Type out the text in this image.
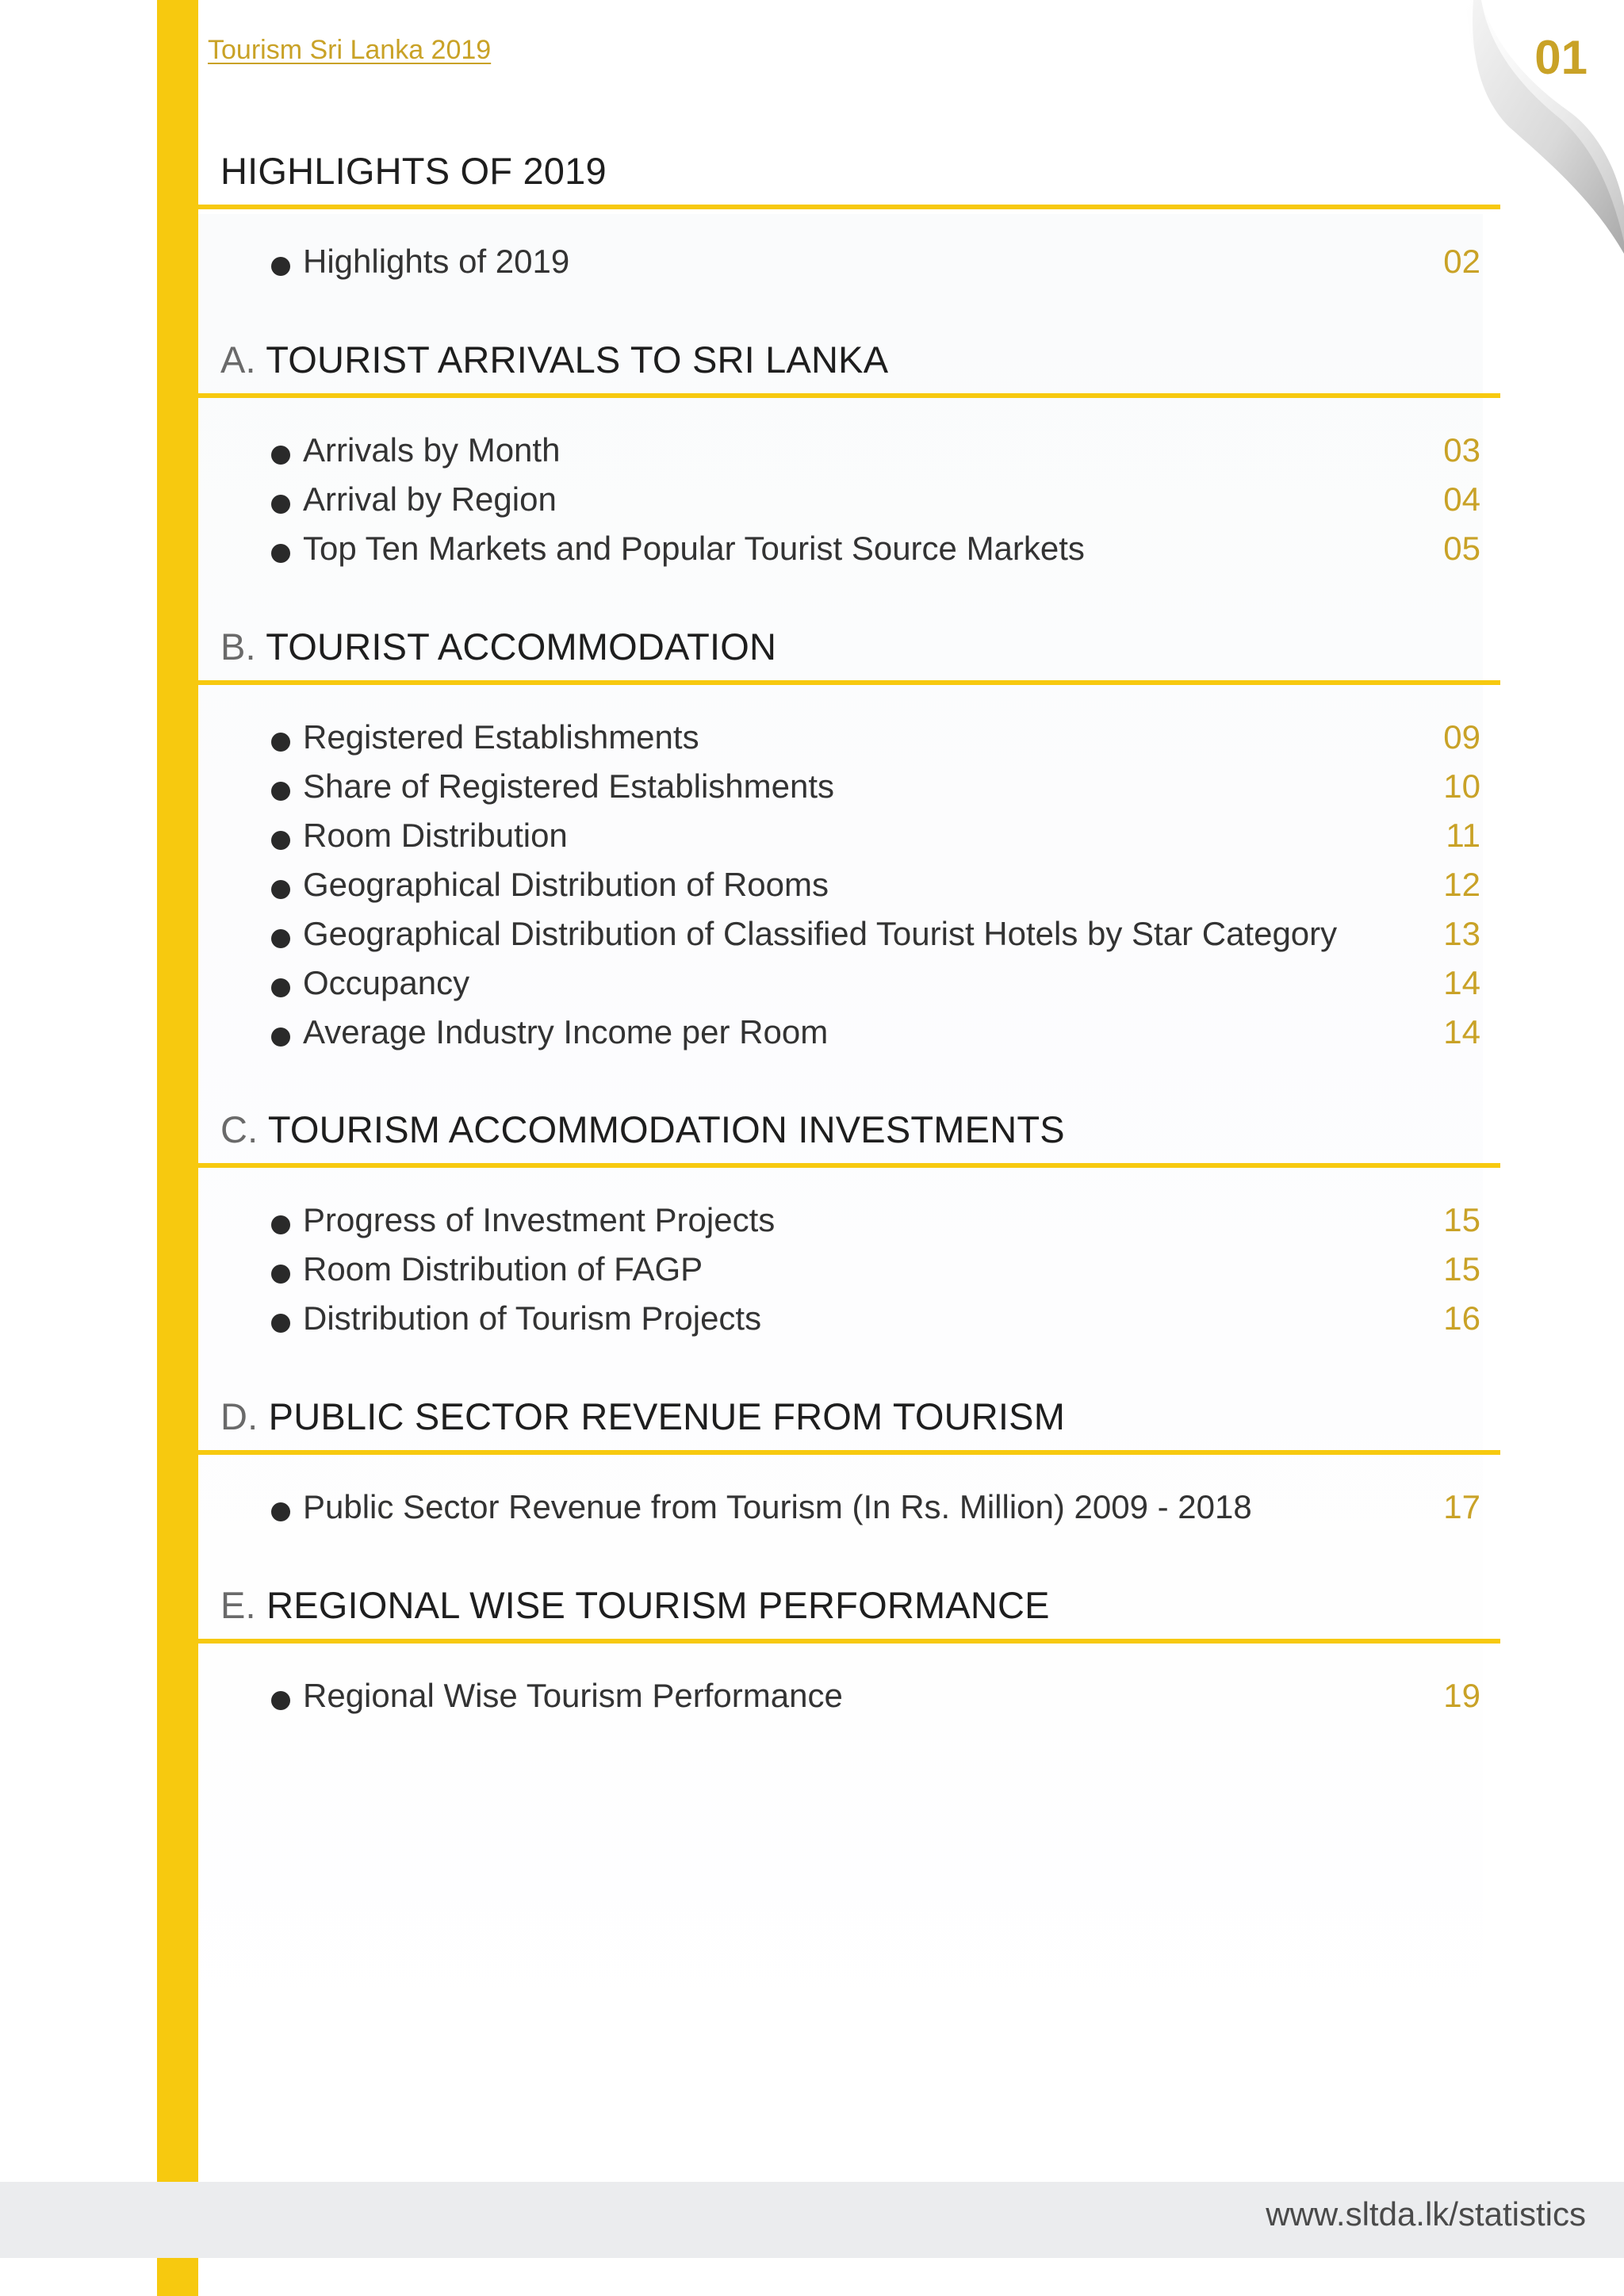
Tourism Sri Lanka 2019	01
HIGHLIGHTS OF 2019
Highlights of 2019	02
A. TOURIST ARRIVALS TO SRI LANKA
Arrivals by Month	03
Arrival by Region	04
Top Ten Markets and Popular Tourist Source Markets	05
B. TOURIST ACCOMMODATION
Registered Establishments	09
Share of Registered Establishments	10
Room Distribution	11
Geographical Distribution of Rooms	12
Geographical Distribution of Classified Tourist Hotels by Star Category	13
Occupancy	14
Average Industry Income per Room	14
C. TOURISM ACCOMMODATION INVESTMENTS
Progress of Investment Projects	15
Room Distribution of FAGP	15
Distribution of Tourism Projects	16
D. PUBLIC SECTOR REVENUE FROM TOURISM
Public Sector Revenue from Tourism (In Rs. Million) 2009 - 2018	17
E. REGIONAL WISE TOURISM PERFORMANCE
Regional Wise Tourism Performance	19
www.sltda.lk/statistics
